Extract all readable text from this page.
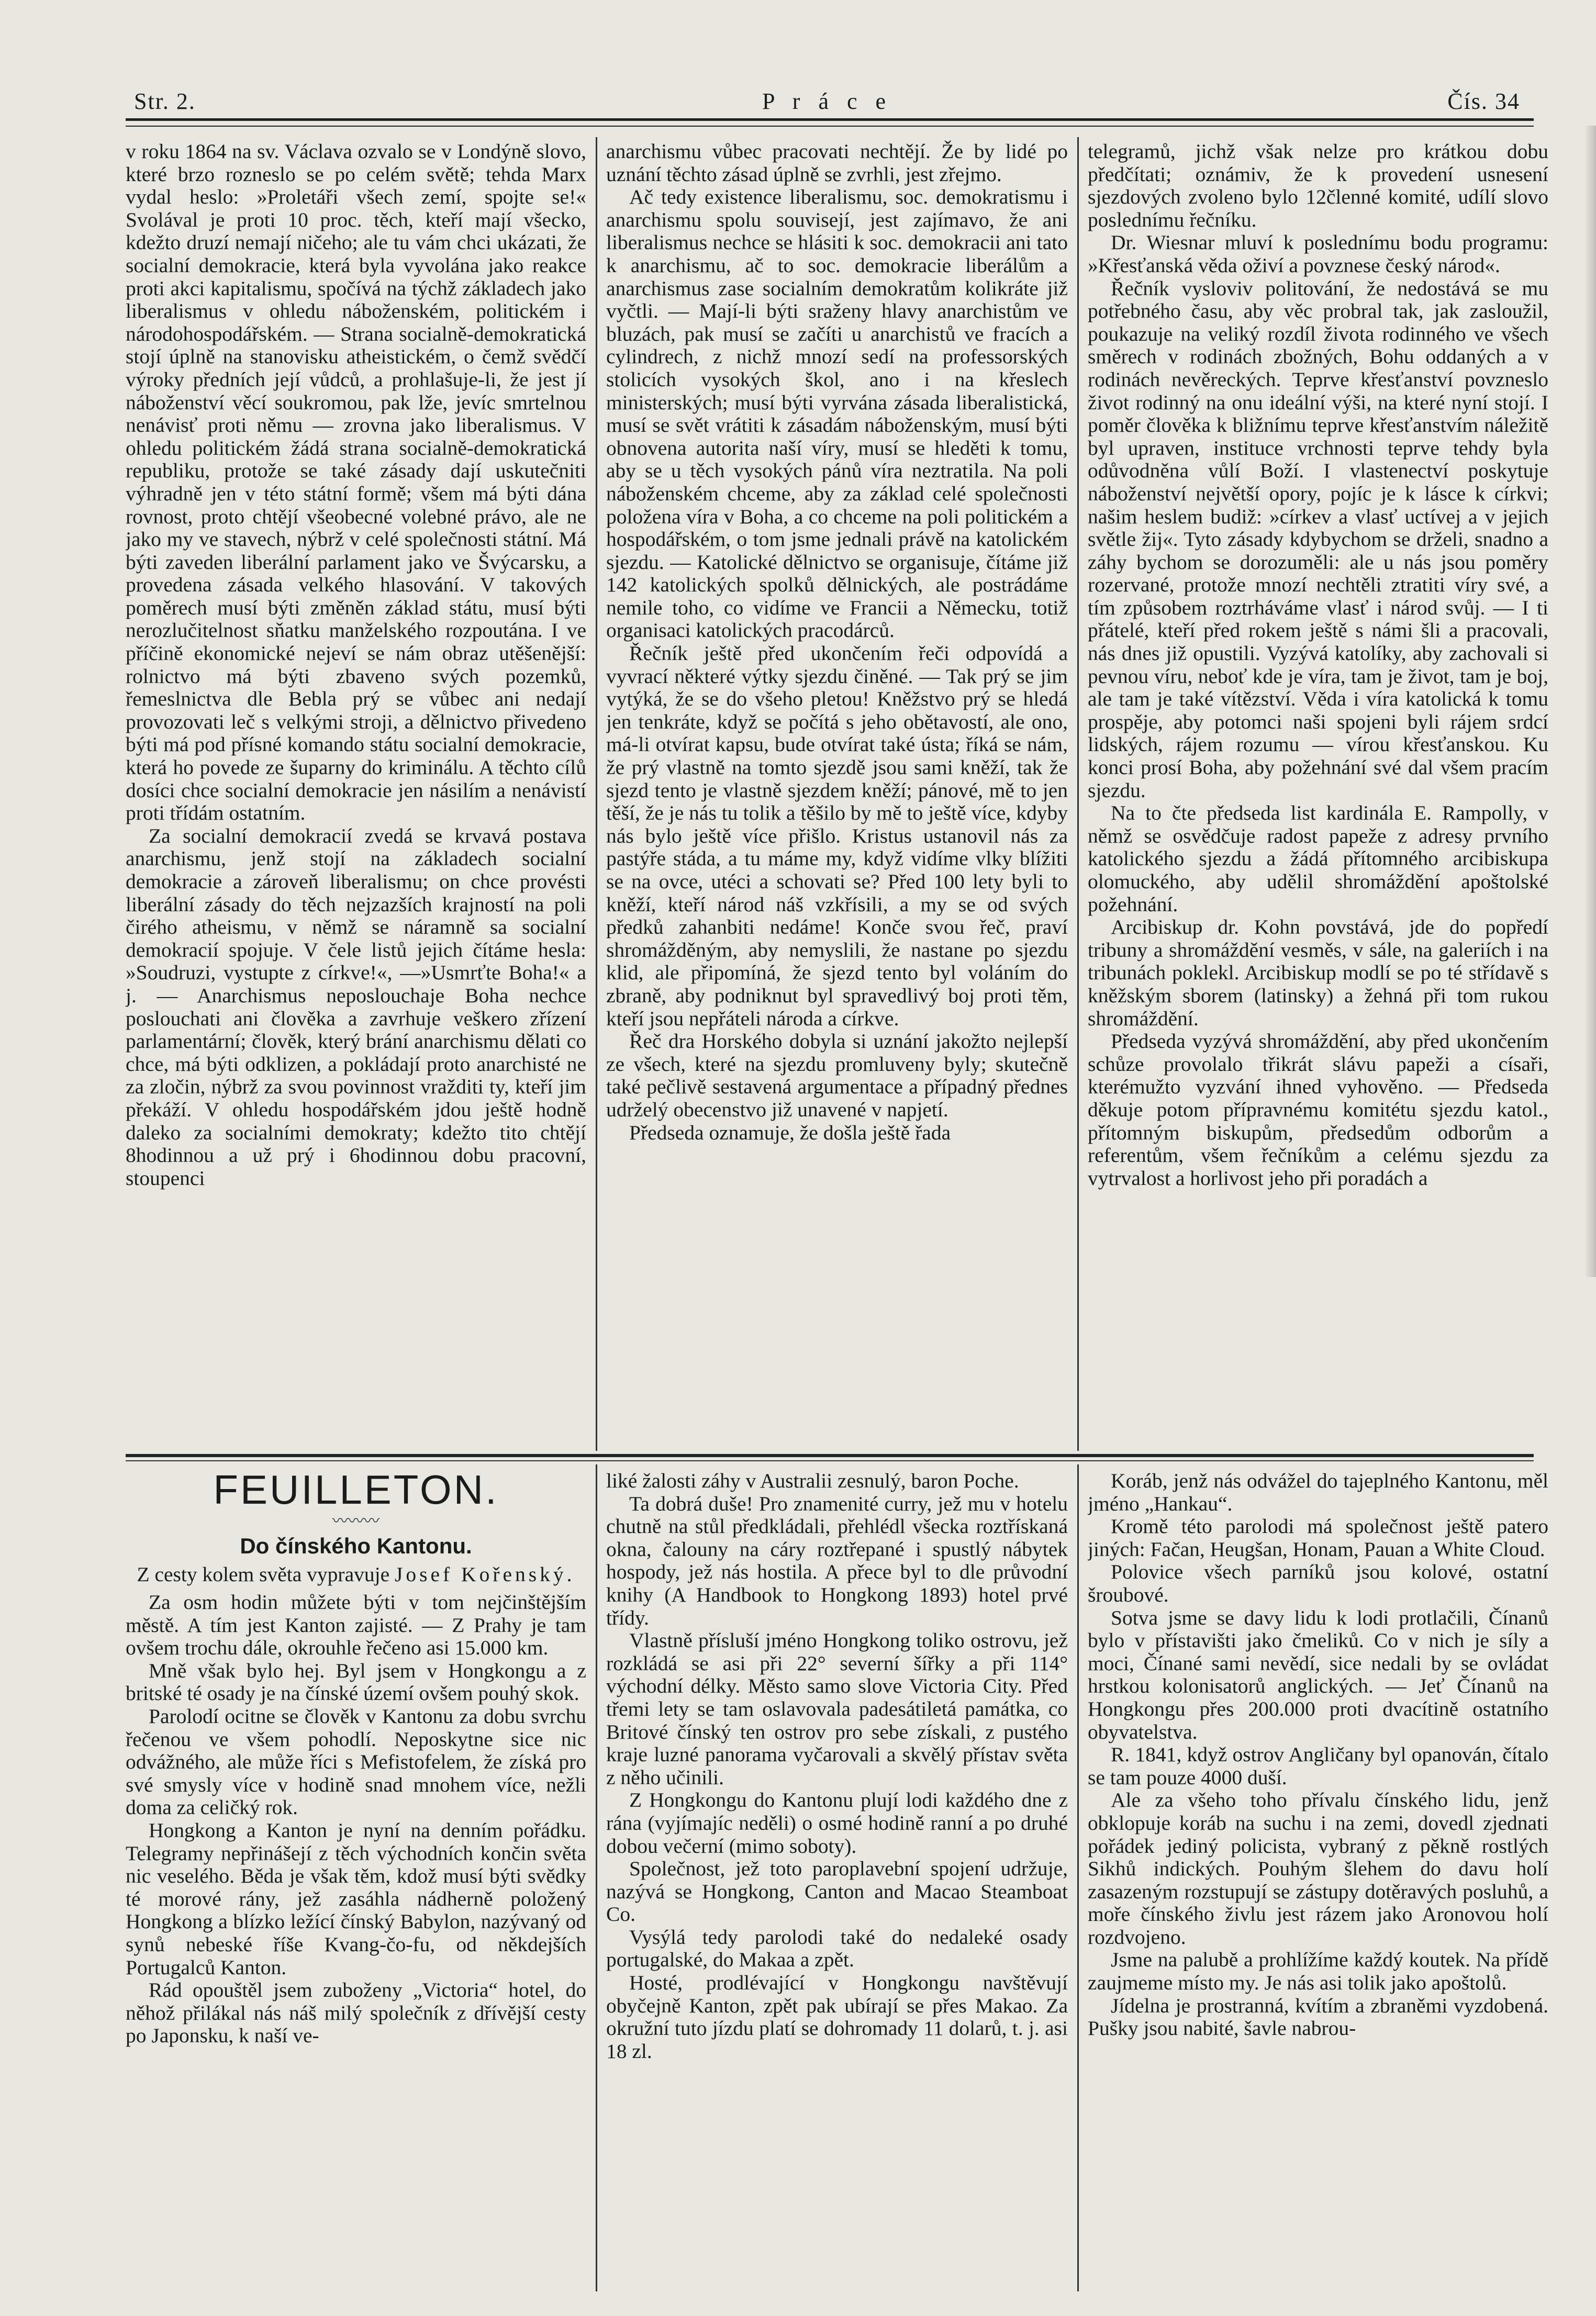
Str. 2.	P r á c e	Čís. 34

v roku 1864 na sv. Václava ozvalo se v Londýně slovo, které brzo rozneslo se po celém světě; tehda Marx vydal heslo: »Proletáři všech zemí, spojte se!« Svolával je proti 10 proc. těch, kteří mají všecko, kdežto druzí nemají ničeho; ale tu vám chci ukázati, že socialní demokracie, která byla vyvolána jako reakce proti akci kapitalismu, spočívá na týchž základech jako liberalismus v ohledu náboženském, politickém i národohospodářském. — Strana socialně-demokratická stojí úplně na stanovisku atheistickém, o čemž svědčí výroky předních její vůdců, a prohlašuje-li, že jest jí náboženství věcí soukromou, pak lže, jevíc smrtelnou nenávisť proti němu — zrovna jako liberalismus. V ohledu politickém žádá strana socialně-demokratická republiku, protože se také zásady dají uskutečniti výhradně jen v této státní formě; všem má býti dána rovnost, proto chtějí všeobecné volebné právo, ale ne jako my ve stavech, nýbrž v celé společnosti státní. Má býti zaveden liberální parlament jako ve Švýcarsku, a provedena zásada velkého hlasování. V takových poměrech musí býti změněn základ státu, musí býti nerozlučitelnost sňatku manželského rozpoutána. I ve příčině ekonomické nejeví se nám obraz utěšenější: rolnictvo má býti zbaveno svých pozemků, řemeslnictva dle Bebla prý se vůbec ani nedají provozovati leč s velkými stroji, a dělnictvo přivedeno býti má pod přísné komando státu socialní demokracie, která ho povede ze šuparny do kriminálu. A těchto cílů dosíci chce socialní demokracie jen násilím a nenávistí proti třídám ostatním.

Za socialní demokracií zvedá se krvavá postava anarchismu, jenž stojí na základech socialní demokracie a zároveň liberalismu; on chce provésti liberální zásady do těch nejzazších krajností na poli čirého atheismu, v němž se náramně sa socialní demokracií spojuje. V čele listů jejich čítáme hesla: »Soudruzi, vystupte z církve!«, —»Usmrťte Boha!« a j. — Anarchismus neposlouchaje Boha nechce poslouchati ani člověka a zavrhuje veškero zřízení parlamentární; člověk, který brání anarchismu dělati co chce, má býti odklizen, a pokládají proto anarchisté ne za zločin, nýbrž za svou povinnost vražditi ty, kteří jim překáží. V ohledu hospodářském jdou ještě hodně daleko za socialními demokraty; kdežto tito chtějí 8hodinnou a už prý i 6hodinnou dobu pracovní, stoupenci

anarchismu vůbec pracovati nechtějí. Že by lidé po uznání těchto zásad úplně se zvrhli, jest zřejmo.

Ač tedy existence liberalismu, soc. demokratismu i anarchismu spolu souvisejí, jest zajímavo, že ani liberalismus nechce se hlásiti k soc. demokracii ani tato k anarchismu, ač to soc. demokracie liberálům a anarchismus zase socialním demokratům kolikráte již vyčtli. — Mají-li býti sraženy hlavy anarchistům ve bluzách, pak musí se začíti u anarchistů ve fracích a cylindrech, z nichž mnozí sedí na professorských stolicích vysokých škol, ano i na křeslech ministerských; musí býti vyrvána zásada liberalistická, musí se svět vrátiti k zásadám náboženským, musí býti obnovena autorita naší víry, musí se hleděti k tomu, aby se u těch vysokých pánů víra neztratila. Na poli náboženském chceme, aby za základ celé společnosti položena víra v Boha, a co chceme na poli politickém a hospodářském, o tom jsme jednali právě na katolickém sjezdu. — Katolické dělnictvo se organisuje, čítáme již 142 katolických spolků dělnických, ale postrádáme nemile toho, co vidíme ve Francii a Německu, totiž organisaci katolických pracodárců.

Řečník ještě před ukončením řeči odpovídá a vyvrací některé výtky sjezdu činěné. — Tak prý se jim vytýká, že se do všeho pletou! Kněžstvo prý se hledá jen tenkráte, když se počítá s jeho obětavostí, ale ono, má-li otvírat kapsu, bude otvírat také ústa; říká se nám, že prý vlastně na tomto sjezdě jsou sami kněží, tak že sjezd tento je vlastně sjezdem kněží; pánové, mě to jen těší, že je nás tu tolik a těšilo by mě to ještě více, kdyby nás bylo ještě více přišlo. Kristus ustanovil nás za pastýře stáda, a tu máme my, když vidíme vlky blížiti se na ovce, utéci a schovati se? Před 100 lety byli to kněží, kteří národ náš vzkřísili, a my se od svých předků zahanbiti nedáme! Konče svou řeč, praví shromážděným, aby nemyslili, že nastane po sjezdu klid, ale připomíná, že sjezd tento byl voláním do zbraně, aby podniknut byl spravedlivý boj proti těm, kteří jsou nepřáteli národa a církve.

Řeč dra Horského dobyla si uznání jakožto nejlepší ze všech, které na sjezdu promluveny byly; skutečně také pečlivě sestavená argumentace a případný přednes udrželý obecenstvo již unavené v napjetí.

Předseda oznamuje, že došla ještě řada

telegramů, jichž však nelze pro krátkou dobu předčítati; oznámiv, že k provedení usnesení sjezdových zvoleno bylo 12členné komité, udílí slovo poslednímu řečníku.

Dr. Wiesnar mluví k poslednímu bodu programu: »Křesťanská věda oživí a povznese český národ«.

Řečník vysloviv politování, že nedostává se mu potřebného času, aby věc probral tak, jak zasloužil, poukazuje na veliký rozdíl života rodinného ve všech směrech v rodinách zbožných, Bohu oddaných a v rodinách nevěreckých. Teprve křesťanství povzneslo život rodinný na onu ideální výši, na které nyní stojí. I poměr člověka k bližnímu teprve křesťanstvím náležitě byl upraven, instituce vrchnosti teprve tehdy byla odůvodněna vůlí Boží. I vlastenectví poskytuje náboženství největší opory, pojíc je k lásce k církvi; našim heslem budiž: »církev a vlasť uctívej a v jejich světle žij«. Tyto zásady kdybychom se drželi, snadno a záhy bychom se dorozuměli: ale u nás jsou poměry rozervané, protože mnozí nechtěli ztratiti víry své, a tím způsobem roztrháváme vlasť i národ svůj. — I ti přátelé, kteří před rokem ještě s námi šli a pracovali, nás dnes již opustili. Vyzývá katolíky, aby zachovali si pevnou víru, neboť kde je víra, tam je život, tam je boj, ale tam je také vítězství. Věda i víra katolická k tomu prospěje, aby potomci naši spojeni byli rájem srdcí lidských, rájem rozumu — vírou křesťanskou. Ku konci prosí Boha, aby požehnání své dal všem pracím sjezdu.

Na to čte předseda list kardinála E. Rampolly, v němž se osvědčuje radost papeže z adresy prvního katolického sjezdu a žádá přítomného arcibiskupa olomuckého, aby udělil shromáždění apoštolské požehnání.

Arcibiskup dr. Kohn povstává, jde do popředí tribuny a shromáždění vesměs, v sále, na galeriích i na tribunách poklekl. Arcibiskup modlí se po té střídavě s kněžským sborem (latinsky) a žehná při tom rukou shromáždění.

Předseda vyzývá shromáždění, aby před ukončením schůze provolalo třikrát slávu papeži a císaři, kterémužto vyzvání ihned vyhověno. — Předseda děkuje potom přípravnému komitétu sjezdu katol., přítomným biskupům, předsedům odborům a referentům, všem řečníkům a celému sjezdu za vytrvalost a horlivost jeho při poradách a

FEUILLETON.
〰〰〰
Do čínského Kantonu.

Z cesty kolem světa vypravuje Josef Kořenský.

Za osm hodin můžete býti v tom nejčinštějším městě. A tím jest Kanton zajisté. — Z Prahy je tam ovšem trochu dále, okrouhle řečeno asi 15.000 km.

Mně však bylo hej. Byl jsem v Hongkongu a z britské té osady je na čínské území ovšem pouhý skok.

Parolodí ocitne se člověk v Kantonu za dobu svrchu řečenou ve všem pohodlí. Neposkytne sice nic odvážného, ale může říci s Mefistofelem, že získá pro své smysly více v hodině snad mnohem více, nežli doma za celičký rok.

Hongkong a Kanton je nyní na denním pořádku. Telegramy nepřinášejí z těch východních končin světa nic veselého. Běda je však těm, kdož musí býti svědky té morové rány, jež zasáhla nádherně položený Hongkong a blízko ležící čínský Babylon, nazývaný od synů nebeské říše Kvang-čo-fu, od někdejších Portugalců Kanton.

Rád opouštěl jsem zuboženy „Victoria“ hotel, do něhož přilákal nás náš milý společník z dřívější cesty po Japonsku, k naší ve-

liké žalosti záhy v Australii zesnulý, baron Poche.

Ta dobrá duše! Pro znamenité curry, jež mu v hotelu chutně na stůl předkládali, přehlédl všecka roztřískaná okna, čalouny na cáry roztřepané i spustlý nábytek hospody, jež nás hostila. A přece byl to dle průvodní knihy (A Handbook to Hongkong 1893) hotel prvé třídy.

Vlastně přísluší jméno Hongkong toliko ostrovu, jež rozkládá se asi při 22° severní šířky a při 114° východní délky. Město samo slove Victoria City. Před třemi lety se tam oslavovala padesátiletá památka, co Britové čínský ten ostrov pro sebe získali, z pustého kraje luzné panorama vyčarovali a skvělý přístav světa z něho učinili.

Z Hongkongu do Kantonu plují lodi každého dne z rána (vyjímajíc neděli) o osmé hodině ranní a po druhé dobou večerní (mimo soboty).

Společnost, jež toto paroplavební spojení udržuje, nazývá se Hongkong, Canton and Macao Steamboat Co.

Vysýlá tedy parolodi také do nedaleké osady portugalské, do Makaa a zpět.

Hosté, prodlévající v Hongkongu navštěvují obyčejně Kanton, zpět pak ubírají se přes Makao. Za okružní tuto jízdu platí se dohromady 11 dolarů, t. j. asi 18 zl.

Koráb, jenž nás odvážel do tajeplného Kantonu, měl jméno „Hankau“.

Kromě této parolodi má společnost ještě patero jiných: Fačan, Heugšan, Honam, Pauan a White Cloud.

Polovice všech parníků jsou kolové, ostatní šroubové.

Sotva jsme se davy lidu k lodi protlačili, Čínanů bylo v přístavišti jako čmeliků. Co v nich je síly a moci, Čínané sami nevědí, sice nedali by se ovládat hrstkou kolonisatorů anglických. — Jeť Čínanů na Hongkongu přes 200.000 proti dvacítině ostatního obyvatelstva.

R. 1841, když ostrov Angličany byl opanován, čítalo se tam pouze 4000 duší.

Ale za všeho toho přívalu čínského lidu, jenž obklopuje koráb na suchu i na zemi, dovedl zjednati pořádek jediný policista, vybraný z pěkně rostlých Sikhů indických. Pouhým šlehem do davu holí zasazeným rozstupují se zástupy dotěravých posluhů, a moře čínského živlu jest rázem jako Aronovou holí rozdvojeno.

Jsme na palubě a prohlížíme každý koutek. Na přídě zaujmeme místo my. Je nás asi tolik jako apoštolů.

Jídelna je prostranná, kvítím a zbraněmi vyzdobená. Pušky jsou nabité, šavle nabrou-
